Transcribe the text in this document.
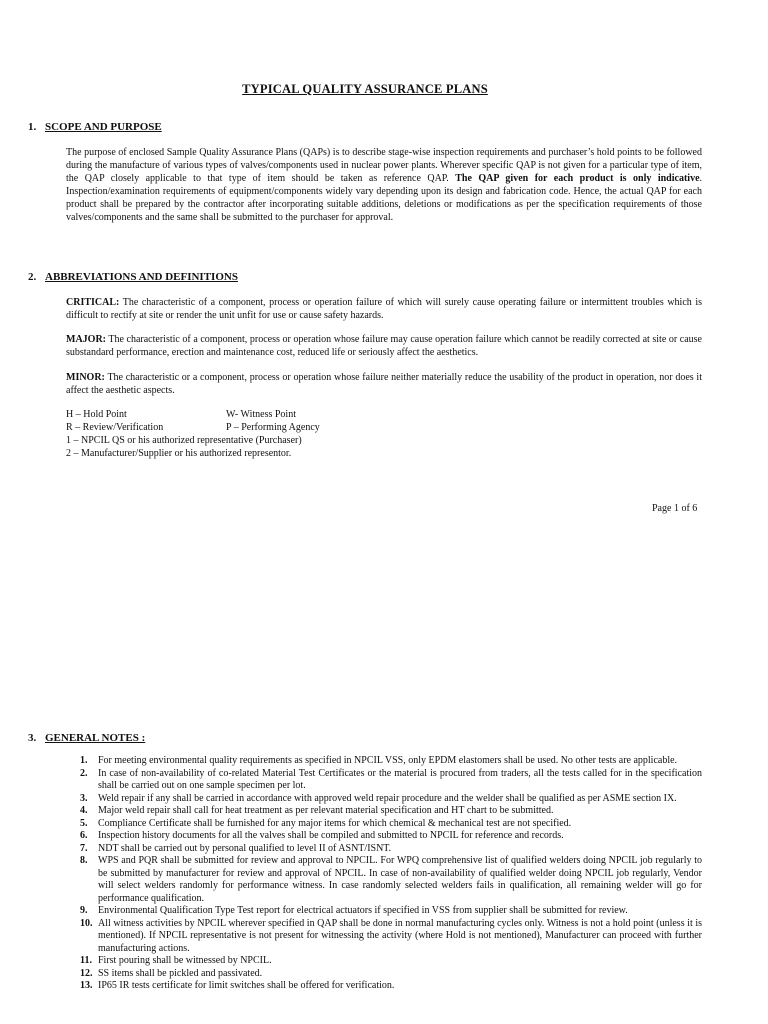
TYPICAL QUALITY ASSURANCE PLANS
1. SCOPE AND PURPOSE
The purpose of enclosed Sample Quality Assurance Plans (QAPs) is to describe stage-wise inspection requirements and purchaser’s hold points to be followed during the manufacture of various types of valves/components used in nuclear power plants. Wherever specific QAP is not given for a particular type of item, the QAP closely applicable to that type of item should be taken as reference QAP. The QAP given for each product is only indicative. Inspection/examination requirements of equipment/components widely vary depending upon its design and fabrication code. Hence, the actual QAP for each product shall be prepared by the contractor after incorporating suitable additions, deletions or modifications as per the specification requirements of those valves/components and the same shall be submitted to the purchaser for approval.
2. ABBREVIATIONS AND DEFINITIONS
CRITICAL: The characteristic of a component, process or operation failure of which will surely cause operating failure or intermittent troubles which is difficult to rectify at site or render the unit unfit for use or cause safety hazards.
MAJOR: The characteristic of a component, process or operation whose failure may cause operation failure which cannot be readily corrected at site or cause substandard performance, erection and maintenance cost, reduced life or seriously affect the aesthetics.
MINOR: The characteristic or a component, process or operation whose failure neither materially reduce the usability of the product in operation, nor does it affect the aesthetic aspects.
H – Hold Point	W- Witness Point
R – Review/Verification	P – Performing Agency
1 – NPCIL QS or his authorized representative (Purchaser)
2 – Manufacturer/Supplier or his authorized representor.
Page 1 of 6
3. GENERAL NOTES :
1. For meeting environmental quality requirements as specified in NPCIL VSS, only EPDM elastomers shall be used. No other tests are applicable.
2. In case of non-availability of co-related Material Test Certificates or the material is procured from traders, all the tests called for in the specification shall be carried out on one sample specimen per lot.
3. Weld repair if any shall be carried in accordance with approved weld repair procedure and the welder shall be qualified as per ASME section IX.
4. Major weld repair shall call for heat treatment as per relevant material specification and HT chart to be submitted.
5. Compliance Certificate shall be furnished for any major items for which chemical & mechanical test are not specified.
6. Inspection history documents for all the valves shall be compiled and submitted to NPCIL for reference and records.
7. NDT shall be carried out by personal qualified to level II of ASNT/ISNT.
8. WPS and PQR shall be submitted for review and approval to NPCIL. For WPQ comprehensive list of qualified welders doing NPCIL job regularly to be submitted by manufacturer for review and approval of NPCIL. In case of non-availability of qualified welder doing NPCIL job regularly, Vendor will select welders randomly for performance witness. In case randomly selected welders fails in qualification, all remaining welder will go for performance qualification.
9. Environmental Qualification Type Test report for electrical actuators if specified in VSS from supplier shall be submitted for review.
10. All witness activities by NPCIL wherever specified in QAP shall be done in normal manufacturing cycles only. Witness is not a hold point (unless it is mentioned). If NPCIL representative is not present for witnessing the activity (where Hold is not mentioned), Manufacturer can proceed with further manufacturing actions.
11. First pouring shall be witnessed by NPCIL.
12. SS items shall be pickled and passivated.
13. IP65 IR tests certificate for limit switches shall be offered for verification.
